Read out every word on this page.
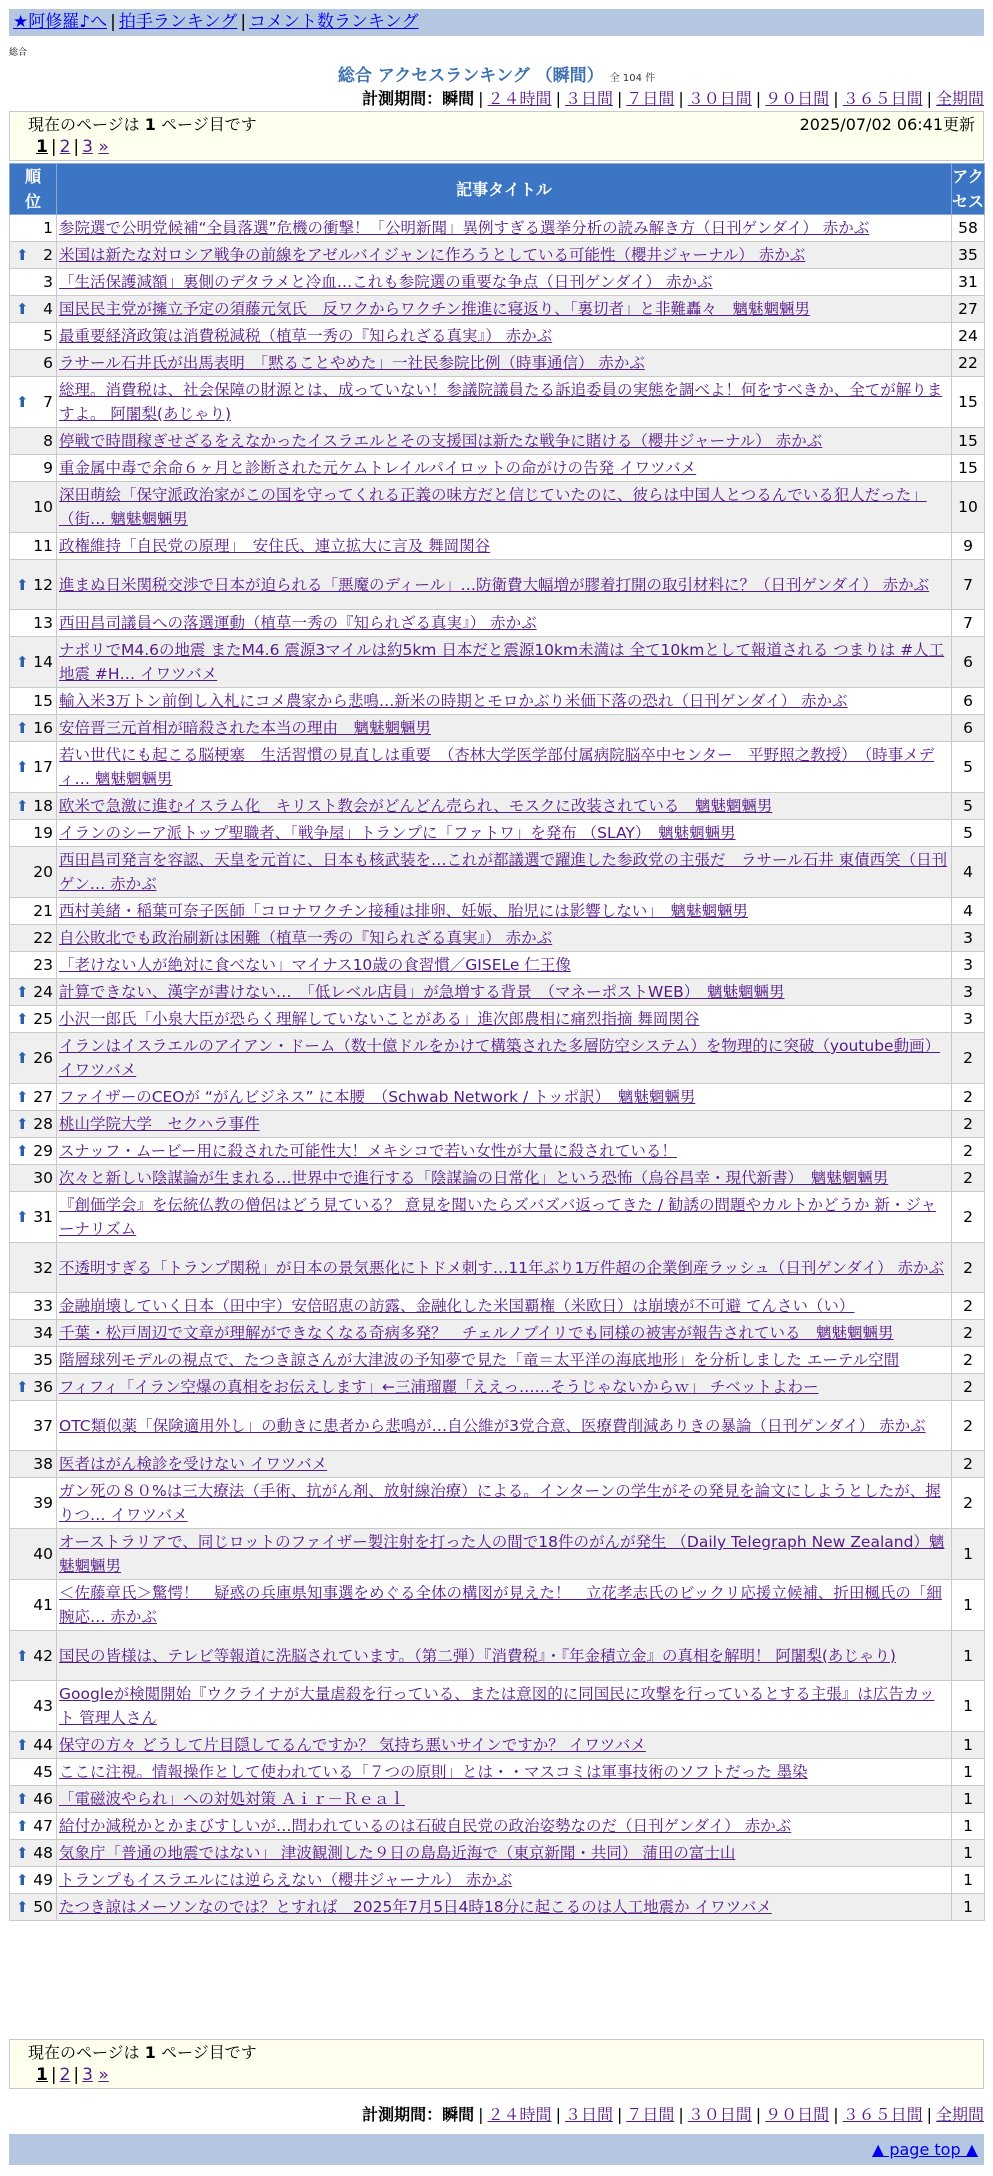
★阿修羅♪へ | 拍手ランキング | コメント数ランキング
総合
総合 アクセスランキング （瞬間） 全 104 件
計測期間：瞬間 | ２４時間 | ３日間 | ７日間 | ３０日間 | ９０日間 | ３６５日間 | 全期間
現在のページは 1 ページ目です	2025/07/02 06:41更新
1 | 2 | 3 »
順
位	記事タイトル	アク
セス
1	参院選で公明党候補“全員落選”危機の衝撃！「公明新聞」異例すぎる選挙分析の読み解き方（日刊ゲンダイ） 赤かぶ	58

⬆ 2	米国は新たな対ロシア戦争の前線をアゼルバイジャンに作ろうとしている可能性（櫻井ジャーナル） 赤かぶ	35
3	「生活保護減額」裏側のデタラメと冷血…これも参院選の重要な争点（日刊ゲンダイ） 赤かぶ	31

⬆ 4	国民民主党が擁立予定の須藤元気氏　反ワクからワクチン推進に寝返り、「裏切者」と非難轟々　魑魅魍魎男	27
5	最重要経済政策は消費税減税（植草一秀の『知られざる真実』） 赤かぶ	24
6	ラサール石井氏が出馬表明　「黙ることやめた」一社民参院比例（時事通信） 赤かぶ	22

⬆ 7	総理。消費税は、社会保障の財源とは、成っていない！参議院議員たる訴追委員の実態を調べよ！何をすべきか、全てが解りますよ。 阿闍梨(あじゃり)	15
8	停戦で時間稼ぎせざるをえなかったイスラエルとその支援国は新たな戦争に賭ける（櫻井ジャーナル） 赤かぶ	15
9	重金属中毒で余命６ヶ月と診断された元ケムトレイルパイロットの命がけの告発 イワツバメ	15
10	深田萌絵「保守派政治家がこの国を守ってくれる正義の味方だと信じていたのに、彼らは中国人とつるんでいる犯人だった」（街… 魑魅魍魎男	10
11	政権維持「自民党の原理」　安住氏、連立拡大に言及 舞岡関谷	9

⬆ 12	進まぬ日米関税交渉で日本が迫られる「悪魔のディール」…防衛費大幅増が膠着打開の取引材料に？（日刊ゲンダイ） 赤かぶ	7
13	西田昌司議員への落選運動（植草一秀の『知られざる真実』） 赤かぶ	7

⬆ 14	ナポリでM4.6の地震 またM4.6 震源3マイルは約5km 日本だと震源10km未満は 全て10kmとして報道される つまりは #人工地震 #H… イワツバメ	6
15	輸入米3万トン前倒し入札にコメ農家から悲鳴…新米の時期とモロかぶり米価下落の恐れ（日刊ゲンダイ） 赤かぶ	6

⬆ 16	安倍晋三元首相が暗殺された本当の理由　魑魅魍魎男	6

⬆ 17	若い世代にも起こる脳梗塞　生活習慣の見直しは重要　（杏林大学医学部付属病院脳卒中センター　平野照之教授）　（時事メディ… 魑魅魍魎男	5

⬆ 18	欧米で急激に進むイスラム化　キリスト教会がどんどん売られ、モスクに改装されている　魑魅魍魎男	5
19	イランのシーア派トップ聖職者、「戦争屋」トランプに「ファトワ」を発布 （SLAY）　魑魅魍魎男	5
20	西田昌司発言を容認、天皇を元首に、日本も核武装を…これが都議選で躍進した参政党の主張だ　ラサール石井 東債西笑（日刊ゲン… 赤かぶ	4
21	西村美緒・稲葉可奈子医師「コロナワクチン接種は排卵、妊娠、胎児には影響しない」　魑魅魍魎男	4
22	自公敗北でも政治刷新は困難（植草一秀の『知られざる真実』） 赤かぶ	3
23	「老けない人が絶対に食べない」マイナス10歳の食習慣／GISELe 仁王像	3

⬆ 24	計算できない、漢字が書けない…　「低レベル店員」が急増する背景　（マネーポストWEB）　魑魅魍魎男	3

⬆ 25	小沢一郎氏「小泉大臣が恐らく理解していないことがある」進次郎農相に痛烈指摘 舞岡関谷	3

⬆ 26	イランはイスラエルのアイアン・ドーム（数十億ドルをかけて構築された多層防空システム）を物理的に突破（youtube動画） イワツバメ	2

⬆ 27	ファイザーのCEOが “がんビジネス” に本腰　（Schwab Network / トッポ訳）　魑魅魍魎男	2

⬆ 28	桃山学院大学　セクハラ事件	2

⬆ 29	スナッフ・ムービー用に殺された可能性大！メキシコで若い女性が大量に殺されている！	2
30	次々と新しい陰謀論が生まれる…世界中で進行する「陰謀論の日常化」という恐怖（烏谷昌幸・現代新書）　魑魅魍魎男	2

⬆ 31	『創価学会』を伝統仏教の僧侶はどう見ている？ 意見を聞いたらズバズバ返ってきた / 勧誘の問題やカルトかどうか 新・ジャーナリズム	2
32	不透明すぎる「トランプ関税」が日本の景気悪化にトドメ刺す…11年ぶり1万件超の企業倒産ラッシュ（日刊ゲンダイ） 赤かぶ	2
33	金融崩壊していく日本（田中宇）安倍昭恵の訪露、金融化した米国覇権（米欧日）は崩壊が不可避 てんさい（い）	2
34	千葉・松戸周辺で文章が理解ができなくなる奇病多発？　チェルノブイリでも同様の被害が報告されている　魑魅魍魎男	2
35	階層球列モデルの視点で、たつき諒さんが大津波の予知夢で見た「竜＝太平洋の海底地形」を分析しました エーテル空間	2

⬆ 36	フィフィ「イラン空爆の真相をお伝えします」←三浦瑠麗「ええっ……そうじゃないからｗ」 チベットよわー	2
37	OTC類似薬「保険適用外し」の動きに患者から悲鳴が…自公維が3党合意、医療費削減ありきの暴論（日刊ゲンダイ） 赤かぶ	2
38	医者はがん検診を受けない イワツバメ	2
39	ガン死の８０%は三大療法（手術、抗がん剤、放射線治療）による。インターンの学生がその発見を論文にしようとしたが、握りつ… イワツバメ	2
40	オーストラリアで、同じロットのファイザー製注射を打った人の間で18件のがんが発生 （Daily Telegraph New Zealand）魑魅魍魎男	1
41	＜佐藤章氏＞驚愕！　疑惑の兵庫県知事選をめぐる全体の構図が見えた！　立花孝志氏のビックリ応援立候補、折田楓氏の「細腕応… 赤かぶ	1

⬆ 42	国民の皆様は、テレビ等報道に洗脳されています。（第二弾）『消費税』・『年金積立金』の真相を解明！ 阿闍梨(あじゃり)	1
43	Googleが検閲開始『ウクライナが大量虐殺を行っている、または意図的に同国民に攻撃を行っているとする主張』は広告カット 管理人さん	1

⬆ 44	保守の方々 どうして片目隠してるんですか？ 気持ち悪いサインですか？ イワツバメ	1
45	ここに注視。情報操作として使われている「７つの原則」とは・・マスコミは軍事技術のソフトだった 墨染	1

⬆ 46	「電磁波やられ」への対処対策 Ａｉｒ－Ｒｅａｌ	1

⬆ 47	給付か減税かとかまびすしいが…問われているのは石破自民党の政治姿勢なのだ（日刊ゲンダイ） 赤かぶ	1

⬆ 48	気象庁「普通の地震ではない」 津波観測した９日の島島近海で（東京新聞・共同） 蒲田の富士山	1

⬆ 49	トランプもイスラエルには逆らえない（櫻井ジャーナル） 赤かぶ	1

⬆ 50	たつき諒はメーソンなのでは？とすれば　2025年7月5日4時18分に起こるのは人工地震か イワツバメ	1
現在のページは 1 ページ目です
1 | 2 | 3 »
計測期間：瞬間 | ２４時間 | ３日間 | ７日間 | ３０日間 | ９０日間 | ３６５日間 | 全期間
▲ page top ▲
